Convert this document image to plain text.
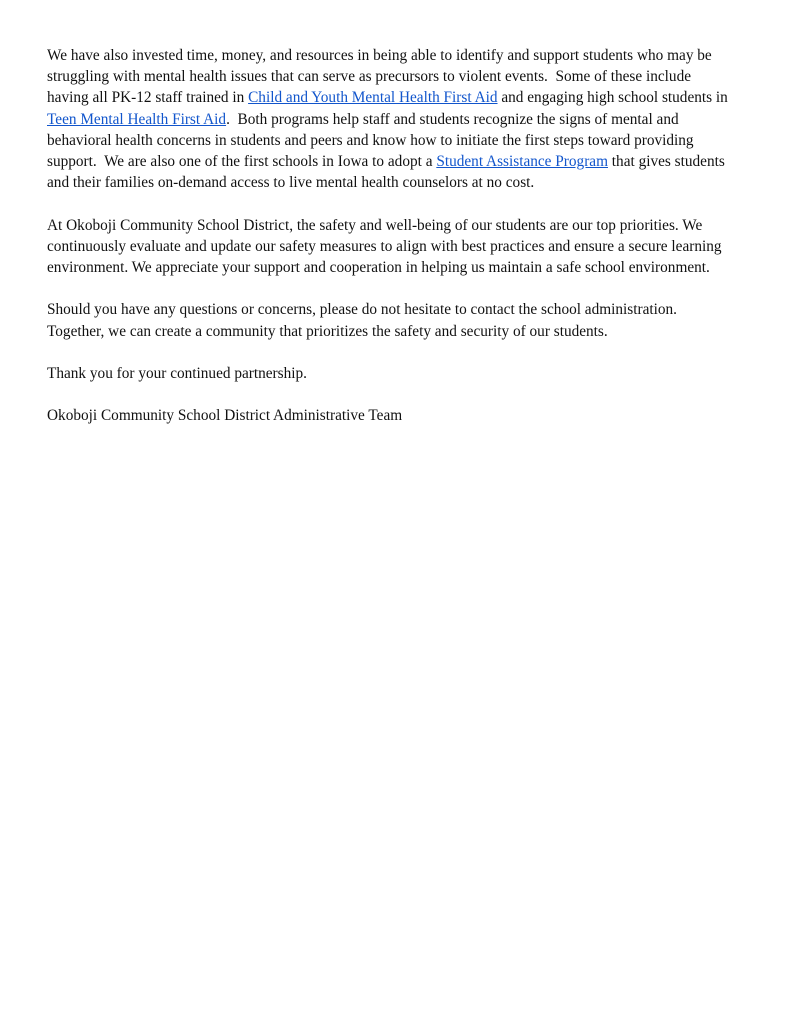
We have also invested time, money, and resources in being able to identify and support students who may be
struggling with mental health issues that can serve as precursors to violent events.  Some of these include
having all PK-12 staff trained in Child and Youth Mental Health First Aid and engaging high school students in
Teen Mental Health First Aid.  Both programs help staff and students recognize the signs of mental and
behavioral health concerns in students and peers and know how to initiate the first steps toward providing
support.  We are also one of the first schools in Iowa to adopt a Student Assistance Program that gives students
and their families on-demand access to live mental health counselors at no cost.

At Okoboji Community School District, the safety and well-being of our students are our top priorities. We
continuously evaluate and update our safety measures to align with best practices and ensure a secure learning
environment. We appreciate your support and cooperation in helping us maintain a safe school environment.

Should you have any questions or concerns, please do not hesitate to contact the school administration.
Together, we can create a community that prioritizes the safety and security of our students.

Thank you for your continued partnership.

Okoboji Community School District Administrative Team
